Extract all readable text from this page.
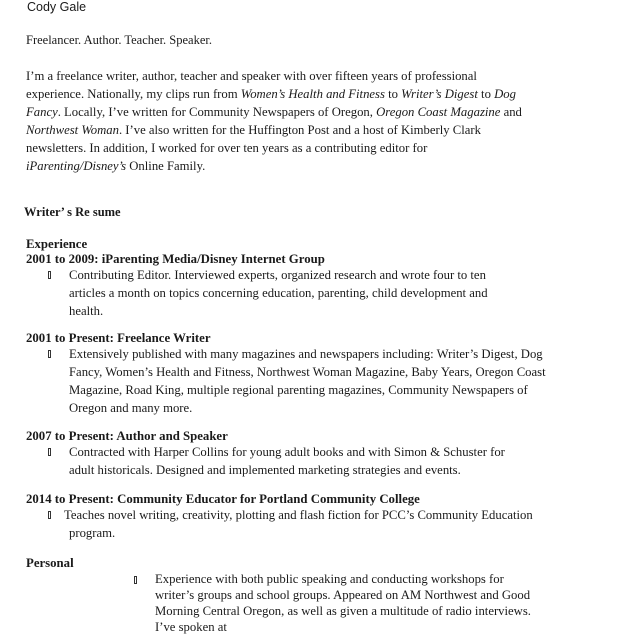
Cody Gale
Freelancer. Author. Teacher. Speaker.
I’m a freelance writer, author, teacher and speaker with over fifteen years of professional
experience. Nationally, my clips run from Women’s Health and Fitness to Writer’s Digest to Dog
Fancy. Locally, I’ve written for Community Newspapers of Oregon, Oregon Coast Magazine and
Northwest Woman. I’ve also written for the Huffington Post and a host of Kimberly Clark
newsletters. In addition, I worked for over ten years as a contributing editor for
iParenting/Disney’s Online Family.
Writer’ s Re sume
Experience
2001 to 2009: iParenting Media/Disney Internet Group
Contributing Editor. Interviewed experts, organized research and wrote four to ten
articles a month on topics concerning education, parenting, child development and
health.
2001 to Present: Freelance Writer
Extensively published with many magazines and newspapers including: Writer’s Digest, Dog
Fancy, Women’s Health and Fitness, Northwest Woman Magazine, Baby Years, Oregon Coast
Magazine, Road King, multiple regional parenting magazines, Community Newspapers of
Oregon and many more.
2007 to Present: Author and Speaker
Contracted with Harper Collins for young adult books and with Simon & Schuster for
adult historicals. Designed and implemented marketing strategies and events.
2014 to Present: Community Educator for Portland Community College
Teaches novel writing, creativity, plotting and flash fiction for PCC’s Community Education
program.
Personal
Experience with both public speaking and conducting workshops for
writer’s groups and school groups. Appeared on AM Northwest and Good
Morning Central Oregon, as well as given a multitude of radio interviews.
I’ve spoken at
